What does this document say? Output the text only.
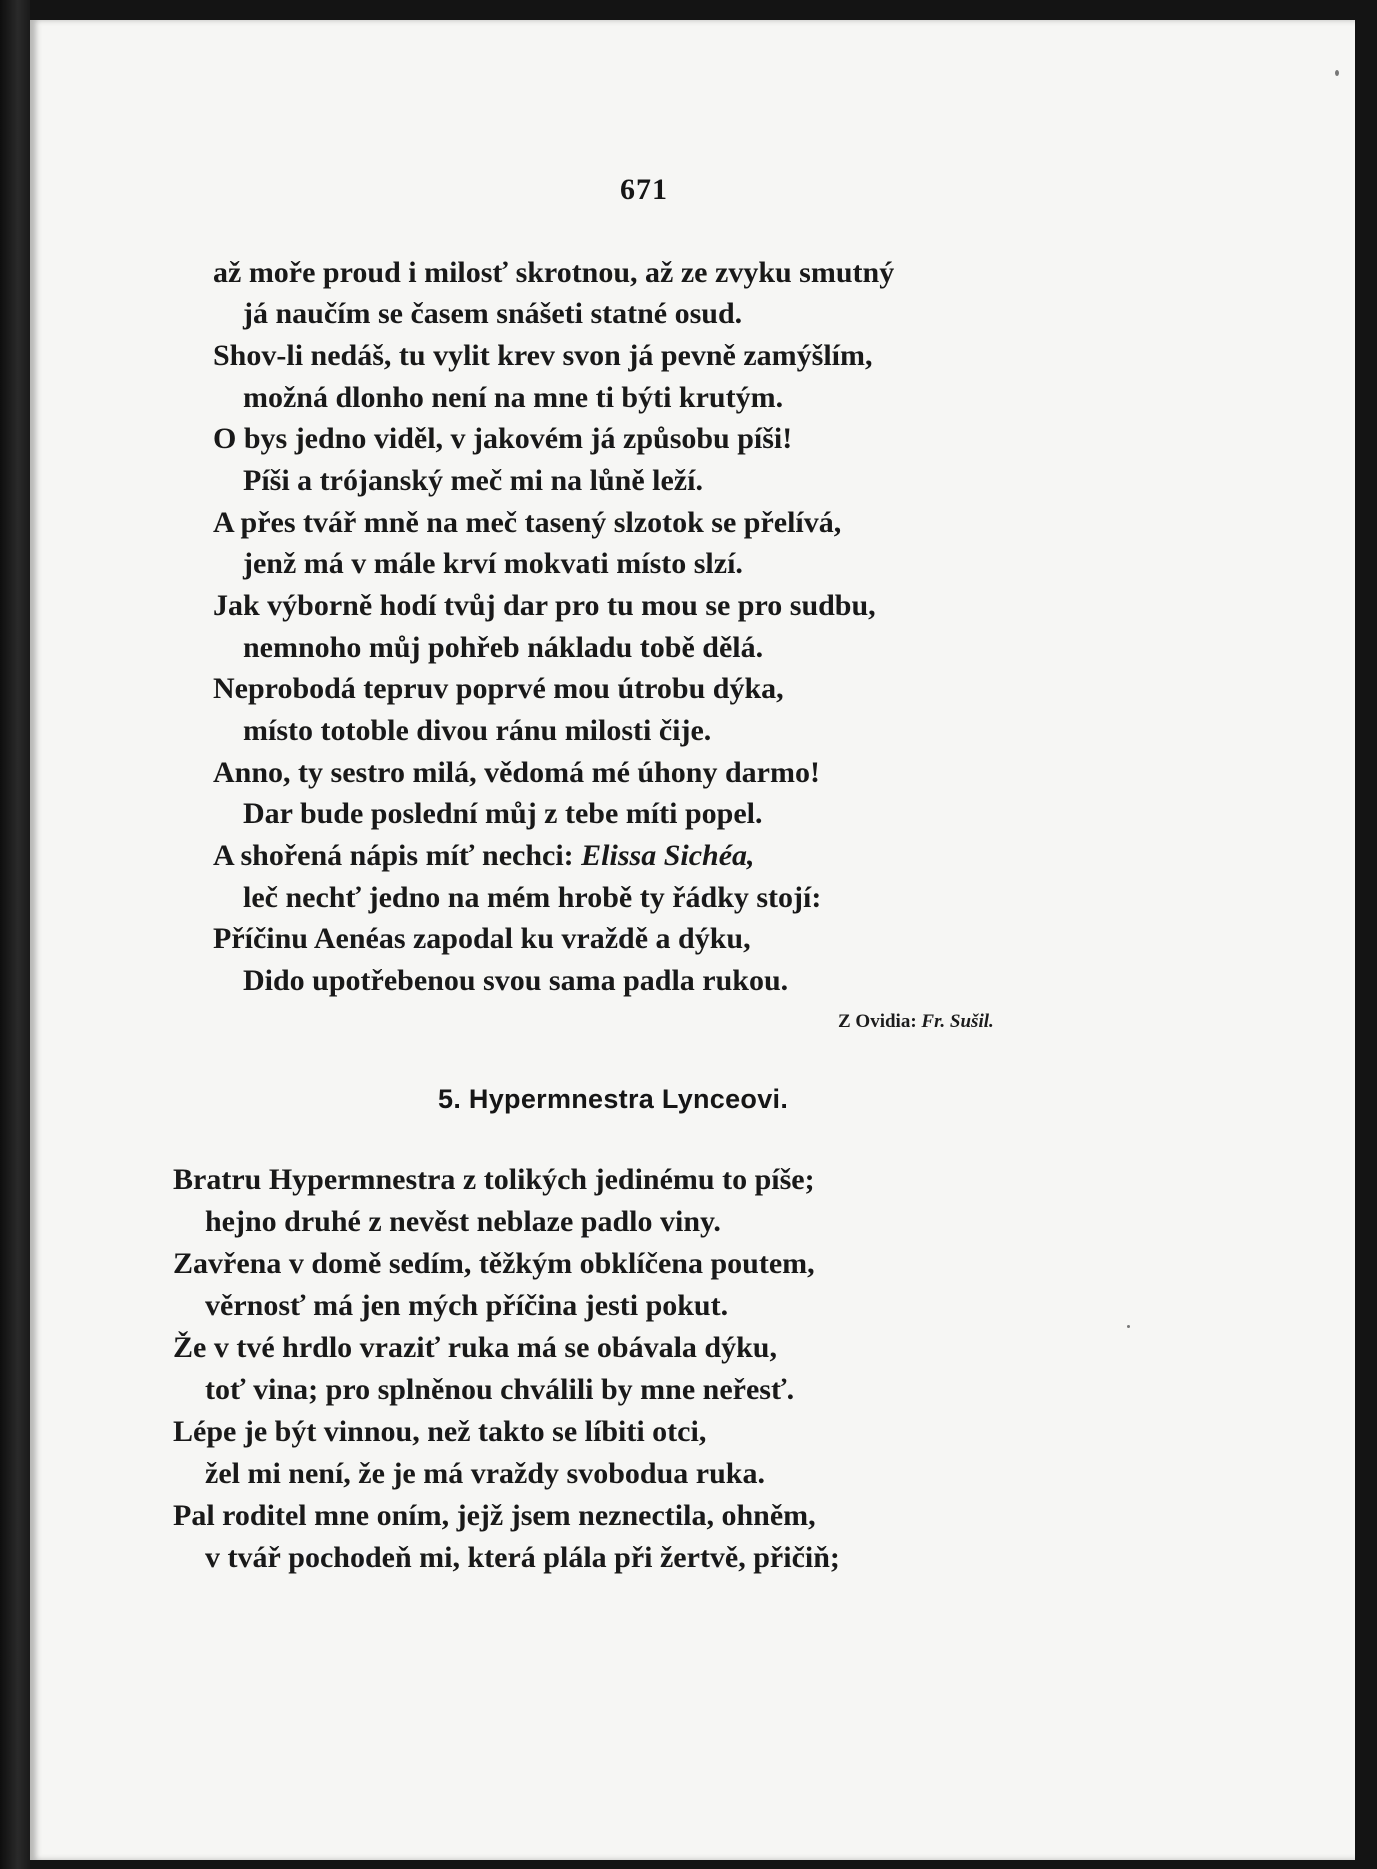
671
až moře proud i milosť skrotnou, až ze zvyku smutný
já naučím se časem snášeti statné osud.
Shov-li nedáš, tu vylit krev svon já pevně zamýšlím,
možná dlonho není na mne ti býti krutým.
O bys jedno viděl, v jakovém já způsobu píši!
Píši a trójanský meč mi na lůně leží.
A přes tvář mně na meč tasený slzotok se přelívá,
jenž má v mále krví mokvati místo slzí.
Jak výborně hodí tvůj dar pro tu mou se pro sudbu,
nemnoho můj pohřeb nákladu tobě dělá.
Neprobodá tepruv poprvé mou útrobu dýka,
místo totoble divou ránu milosti čije.
Anno, ty sestro milá, vědomá mé úhony darmo!
Dar bude poslední můj z tebe míti popel.
A shořená nápis míť nechci: Elissa Sichéa,
leč nechť jedno na mém hrobě ty řádky stojí:
Příčinu Aenéas zapodal ku vraždě a dýku,
Dido upotřebenou svou sama padla rukou.
Z Ovidia: Fr. Sušil.
5. Hypermnestra Lynceovi.
Bratru Hypermnestra z tolikých jedinému to píše;
hejno druhé z nevěst neblaze padlo viny.
Zavřena v domě sedím, těžkým obklíčena poutem,
věrnosť má jen mých příčina jesti pokut.
Že v tvé hrdlo vraziť ruka má se obávala dýku,
toť vina; pro splněnou chválili by mne neřesť.
Lépe je být vinnou, než takto se líbiti otci,
žel mi není, že je má vraždy svobodua ruka.
Pal roditel mne oním, jejž jsem neznectila, ohněm,
v tvář pochodeň mi, která plála při žertvě, přičiň;
